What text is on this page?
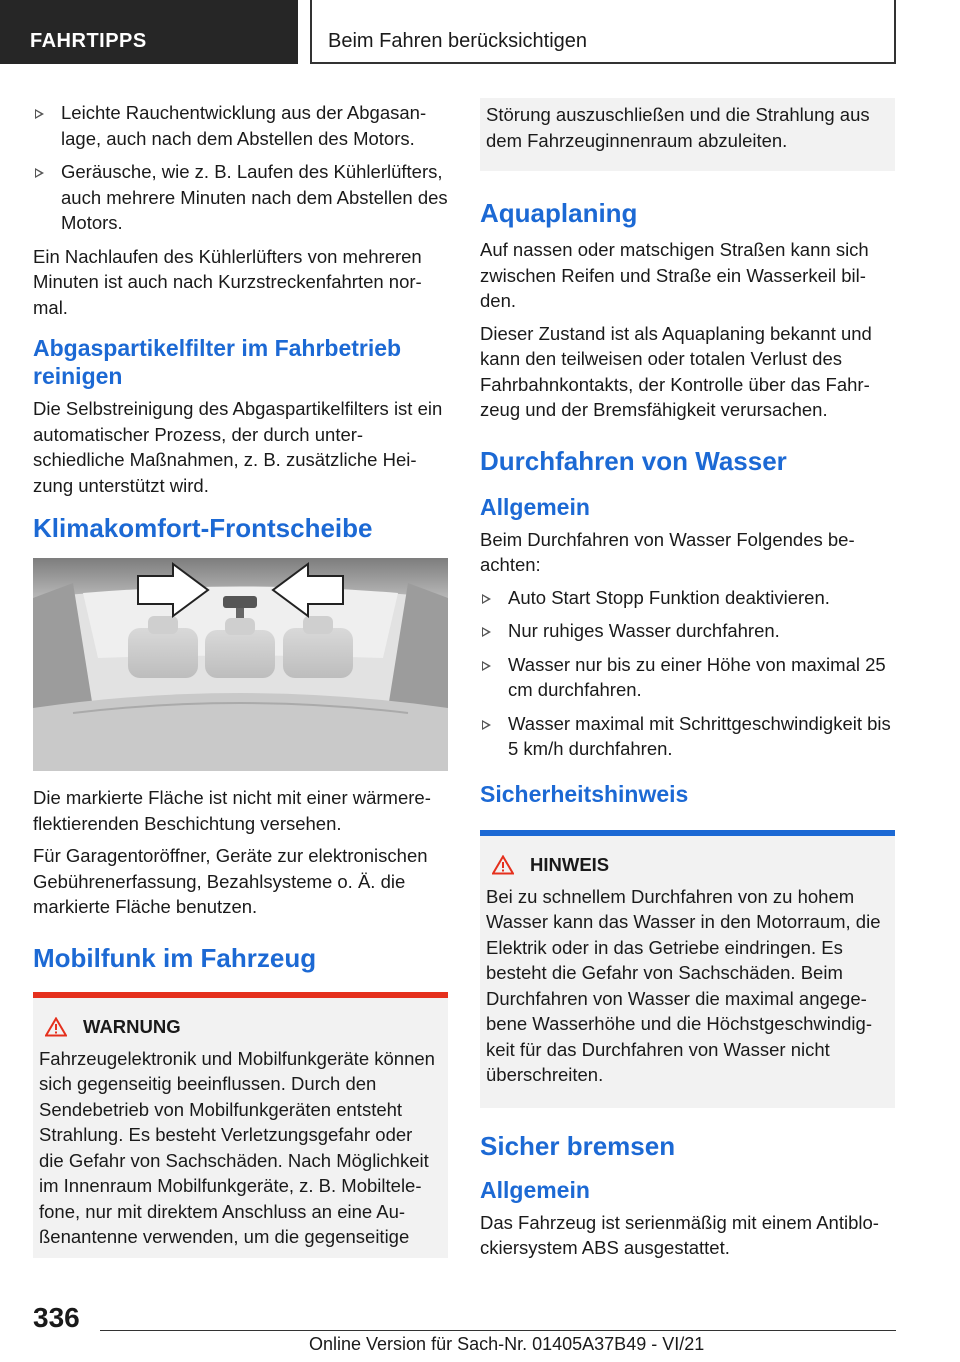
FAHRTIPPS	Beim Fahren berücksichtigen
Leichte Rauchentwicklung aus der Abgasanlage, auch nach dem Abstellen des Motors.
Geräusche, wie z. B. Laufen des Kühlerlüfters, auch mehrere Minuten nach dem Abstellen des Motors.

Ein Nachlaufen des Kühlerlüfters von mehreren Minuten ist auch nach Kurzstreckenfahrten normal.

Abgaspartikelfilter im Fahrbetrieb reinigen

Die Selbstreinigung des Abgaspartikelfilters ist ein automatischer Prozess, der durch unterschiedliche Maßnahmen, z. B. zusätzliche Heizung unterstützt wird.

Klimakomfort-Frontscheibe

Die markierte Fläche ist nicht mit einer wärmereflektierenden Beschichtung versehen.

Für Garagentoröffner, Geräte zur elektronischen Gebührenerfassung, Bezahlsysteme o. Ä. die markierte Fläche benutzen.

Mobilfunk im Fahrzeug
WARNUNG

Fahrzeugelektronik und Mobilfunkgeräte können sich gegenseitig beeinflussen. Durch den Sendebetrieb von Mobilfunkgeräten entsteht Strahlung. Es besteht Verletzungsgefahr oder die Gefahr von Sachschäden. Nach Möglichkeit im Innenraum Mobilfunkgeräte, z. B. Mobiltelefone, nur mit direktem Anschluss an eine Außenantenne verwenden, um die gegenseitige

Störung auszuschließen und die Strahlung aus dem Fahrzeuginnenraum abzuleiten.

Aquaplaning

Auf nassen oder matschigen Straßen kann sich zwischen Reifen und Straße ein Wasserkeil bilden.

Dieser Zustand ist als Aquaplaning bekannt und kann den teilweisen oder totalen Verlust des Fahrbahnkontakts, der Kontrolle über das Fahrzeug und der Bremsfähigkeit verursachen.

Durchfahren von Wasser
Allgemein

Beim Durchfahren von Wasser Folgendes beachten:

Auto Start Stopp Funktion deaktivieren.
Nur ruhiges Wasser durchfahren.
Wasser nur bis zu einer Höhe von maximal 25 cm durchfahren.
Wasser maximal mit Schrittgeschwindigkeit bis 5 km/h durchfahren.
Sicherheitshinweis
HINWEIS

Bei zu schnellem Durchfahren von zu hohem Wasser kann das Wasser in den Motorraum, die Elektrik oder in das Getriebe eindringen. Es besteht die Gefahr von Sachschäden. Beim Durchfahren von Wasser die maximal angegebene Wasserhöhe und die Höchstgeschwindigkeit für das Durchfahren von Wasser nicht überschreiten.

Sicher bremsen
Allgemein

Das Fahrzeug ist serienmäßig mit einem Antiblockiersystem ABS ausgestattet.

336
Online Version für Sach-Nr. 01405A37B49 - VI/21
